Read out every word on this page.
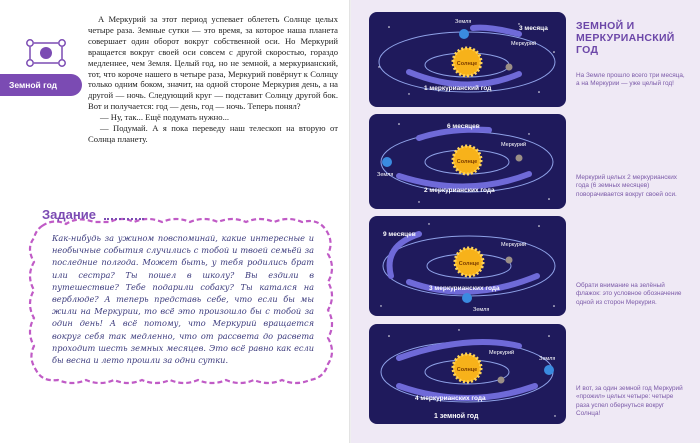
Земной год

А Меркурий за этот период успевает облететь Солнце целых четыре раза. Земные сутки — это время, за которое наша планета совершает один оборот вокруг собственной оси. Но Меркурий вращается вокруг своей оси совсем с другой скоростью, гораздо медленнее, чем Земля. Целый год, но не земной, а меркурианский, тот, что короче нашего в четыре раза, Меркурий повёрнут к Солнцу только одним боком, значит, на одной стороне Меркурия день, а на другой — ночь. Следующий круг — подставит Солнцу другой бок. Вот и получается: год — день, год — ночь. Теперь понял?

— Ну, так... Ещё подумать нужно...

— Подумай. А я пока переведу наш телескоп на вторую от Солнца планету.

Задание
Как-нибудь за ужином повспоминай, какие интересные и необычные события случились с тобой и твоей семьёй за последние полгода. Может быть, у тебя родились брат или сестра? Ты пошел в школу? Вы ездили в путешествие? Тебе подарили собаку? Ты катался на верблюде? А теперь представь себе, что если бы мы жили на Меркурии, то всё это произошло бы с тобой за один день! А всё потому, что Меркурий вращается вокруг себя так медленно, что от рассвета до расвета проходит шесть земных месяцев. Это всё равно как если бы весна и лето прошли за одни сутки.
ЗЕМНОЙ И МЕРКУРИАНСКИЙ ГОД
На Земле прошло всего три месяца, а на Меркурии — уже целый год!
Меркурий целых 2 меркурианских года (6 земных месяцев) поворачивается вокруг своей оси.
Обрати внимание на зелёный флажок: это условное обозначение одной из сторон Меркурия.
И вот, за один земной год Меркурий «прожил» целых четыре: четыре раза успел обернуться вокруг Солнца!
Солнце
Земля
Меркурий
3 месяца
1 меркурианский год
Солнце
Земля
Меркурий
6 месяцев
2 меркурианских года
Солнце
Земля
Меркурий
9 месяцев
3 меркурианских года
Солнце
Земля
Меркурий
4 меркурианских года
1 земной год
